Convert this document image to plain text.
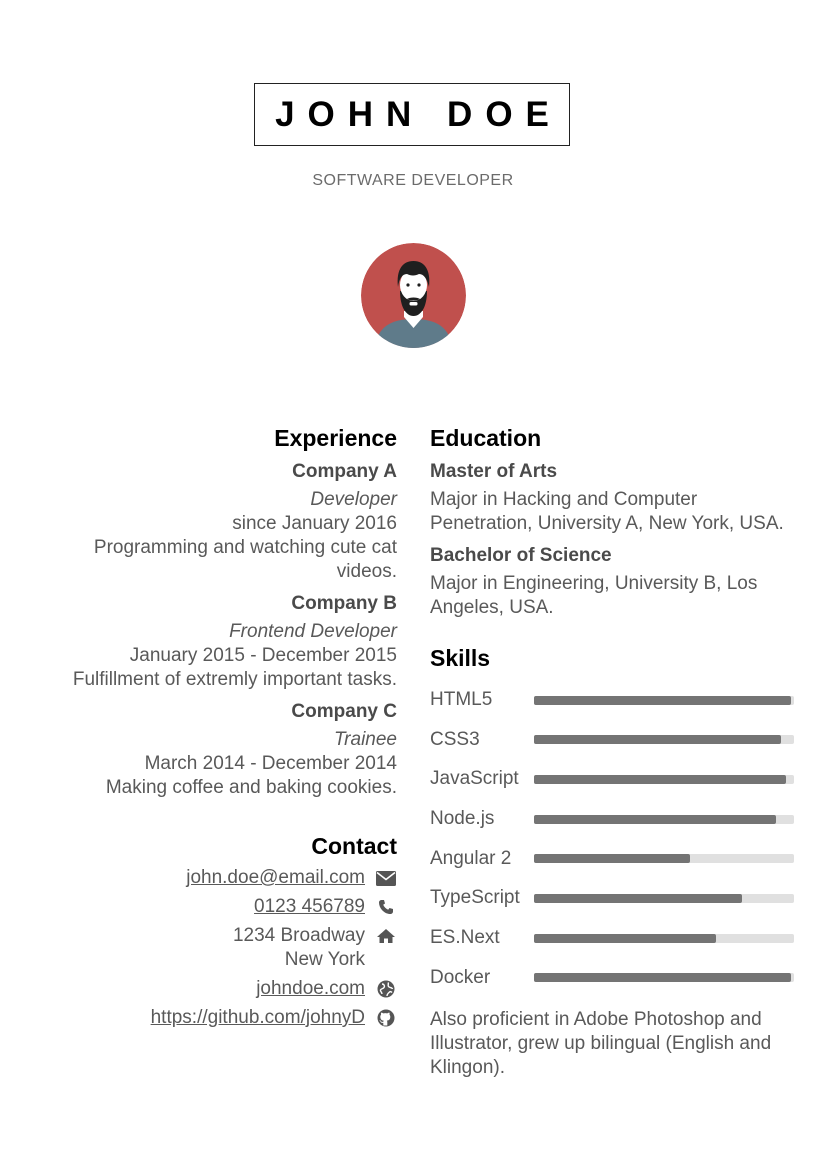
JOHN DOE
SOFTWARE DEVELOPER
Experience
Company A
Developer
since January 2016
Programming and watching cute cat videos.
Company B
Frontend Developer
January 2015 - December 2015
Fulfillment of extremly important tasks.
Company C
Trainee
March 2014 - December 2014
Making coffee and baking cookies.
Contact
john.doe@email.com
0123 456789
1234 Broadway
New York
johndoe.com
https://github.com/johnyD
Education
Master of Arts
Major in Hacking and Computer Penetration, University A, New York, USA.
Bachelor of Science
Major in Engineering, University B, Los Angeles, USA.
Skills
HTML5
CSS3
JavaScript
Node.js
Angular 2
TypeScript
ES.Next
Docker
Also proficient in Adobe Photoshop and Illustrator, grew up bilingual (English and Klingon).
